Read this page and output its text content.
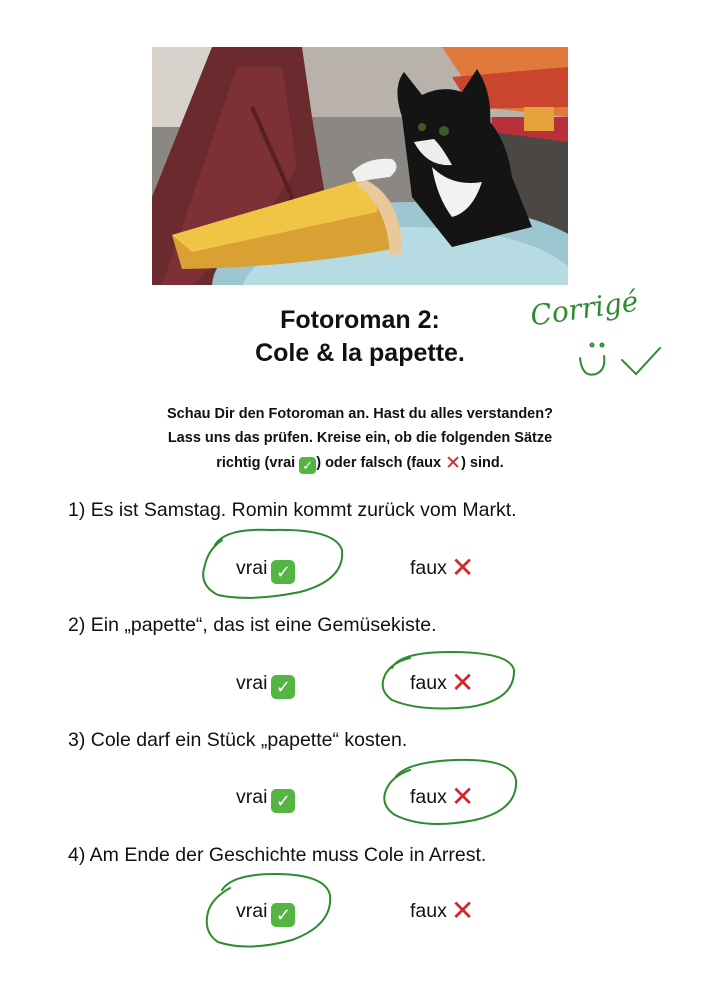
Fotoroman 2:
Cole & la papette.
Corrigé
Schau Dir den Fotoroman an. Hast du alles verstanden?
Lass uns das prüfen. Kreise ein, ob die folgenden Sätze
richtig (vrai ✓ ) oder falsch (faux ✕) sind.
1) Es ist Samstag. Romin kommt zurück vom Markt.
vrai ✓	faux ✕
2) Ein „papette“, das ist eine Gemüsekiste.
vrai ✓	faux ✕
3) Cole darf ein Stück „papette“ kosten.
vrai ✓	faux ✕
4) Am Ende der Geschichte muss Cole in Arrest.
vrai ✓	faux ✕
